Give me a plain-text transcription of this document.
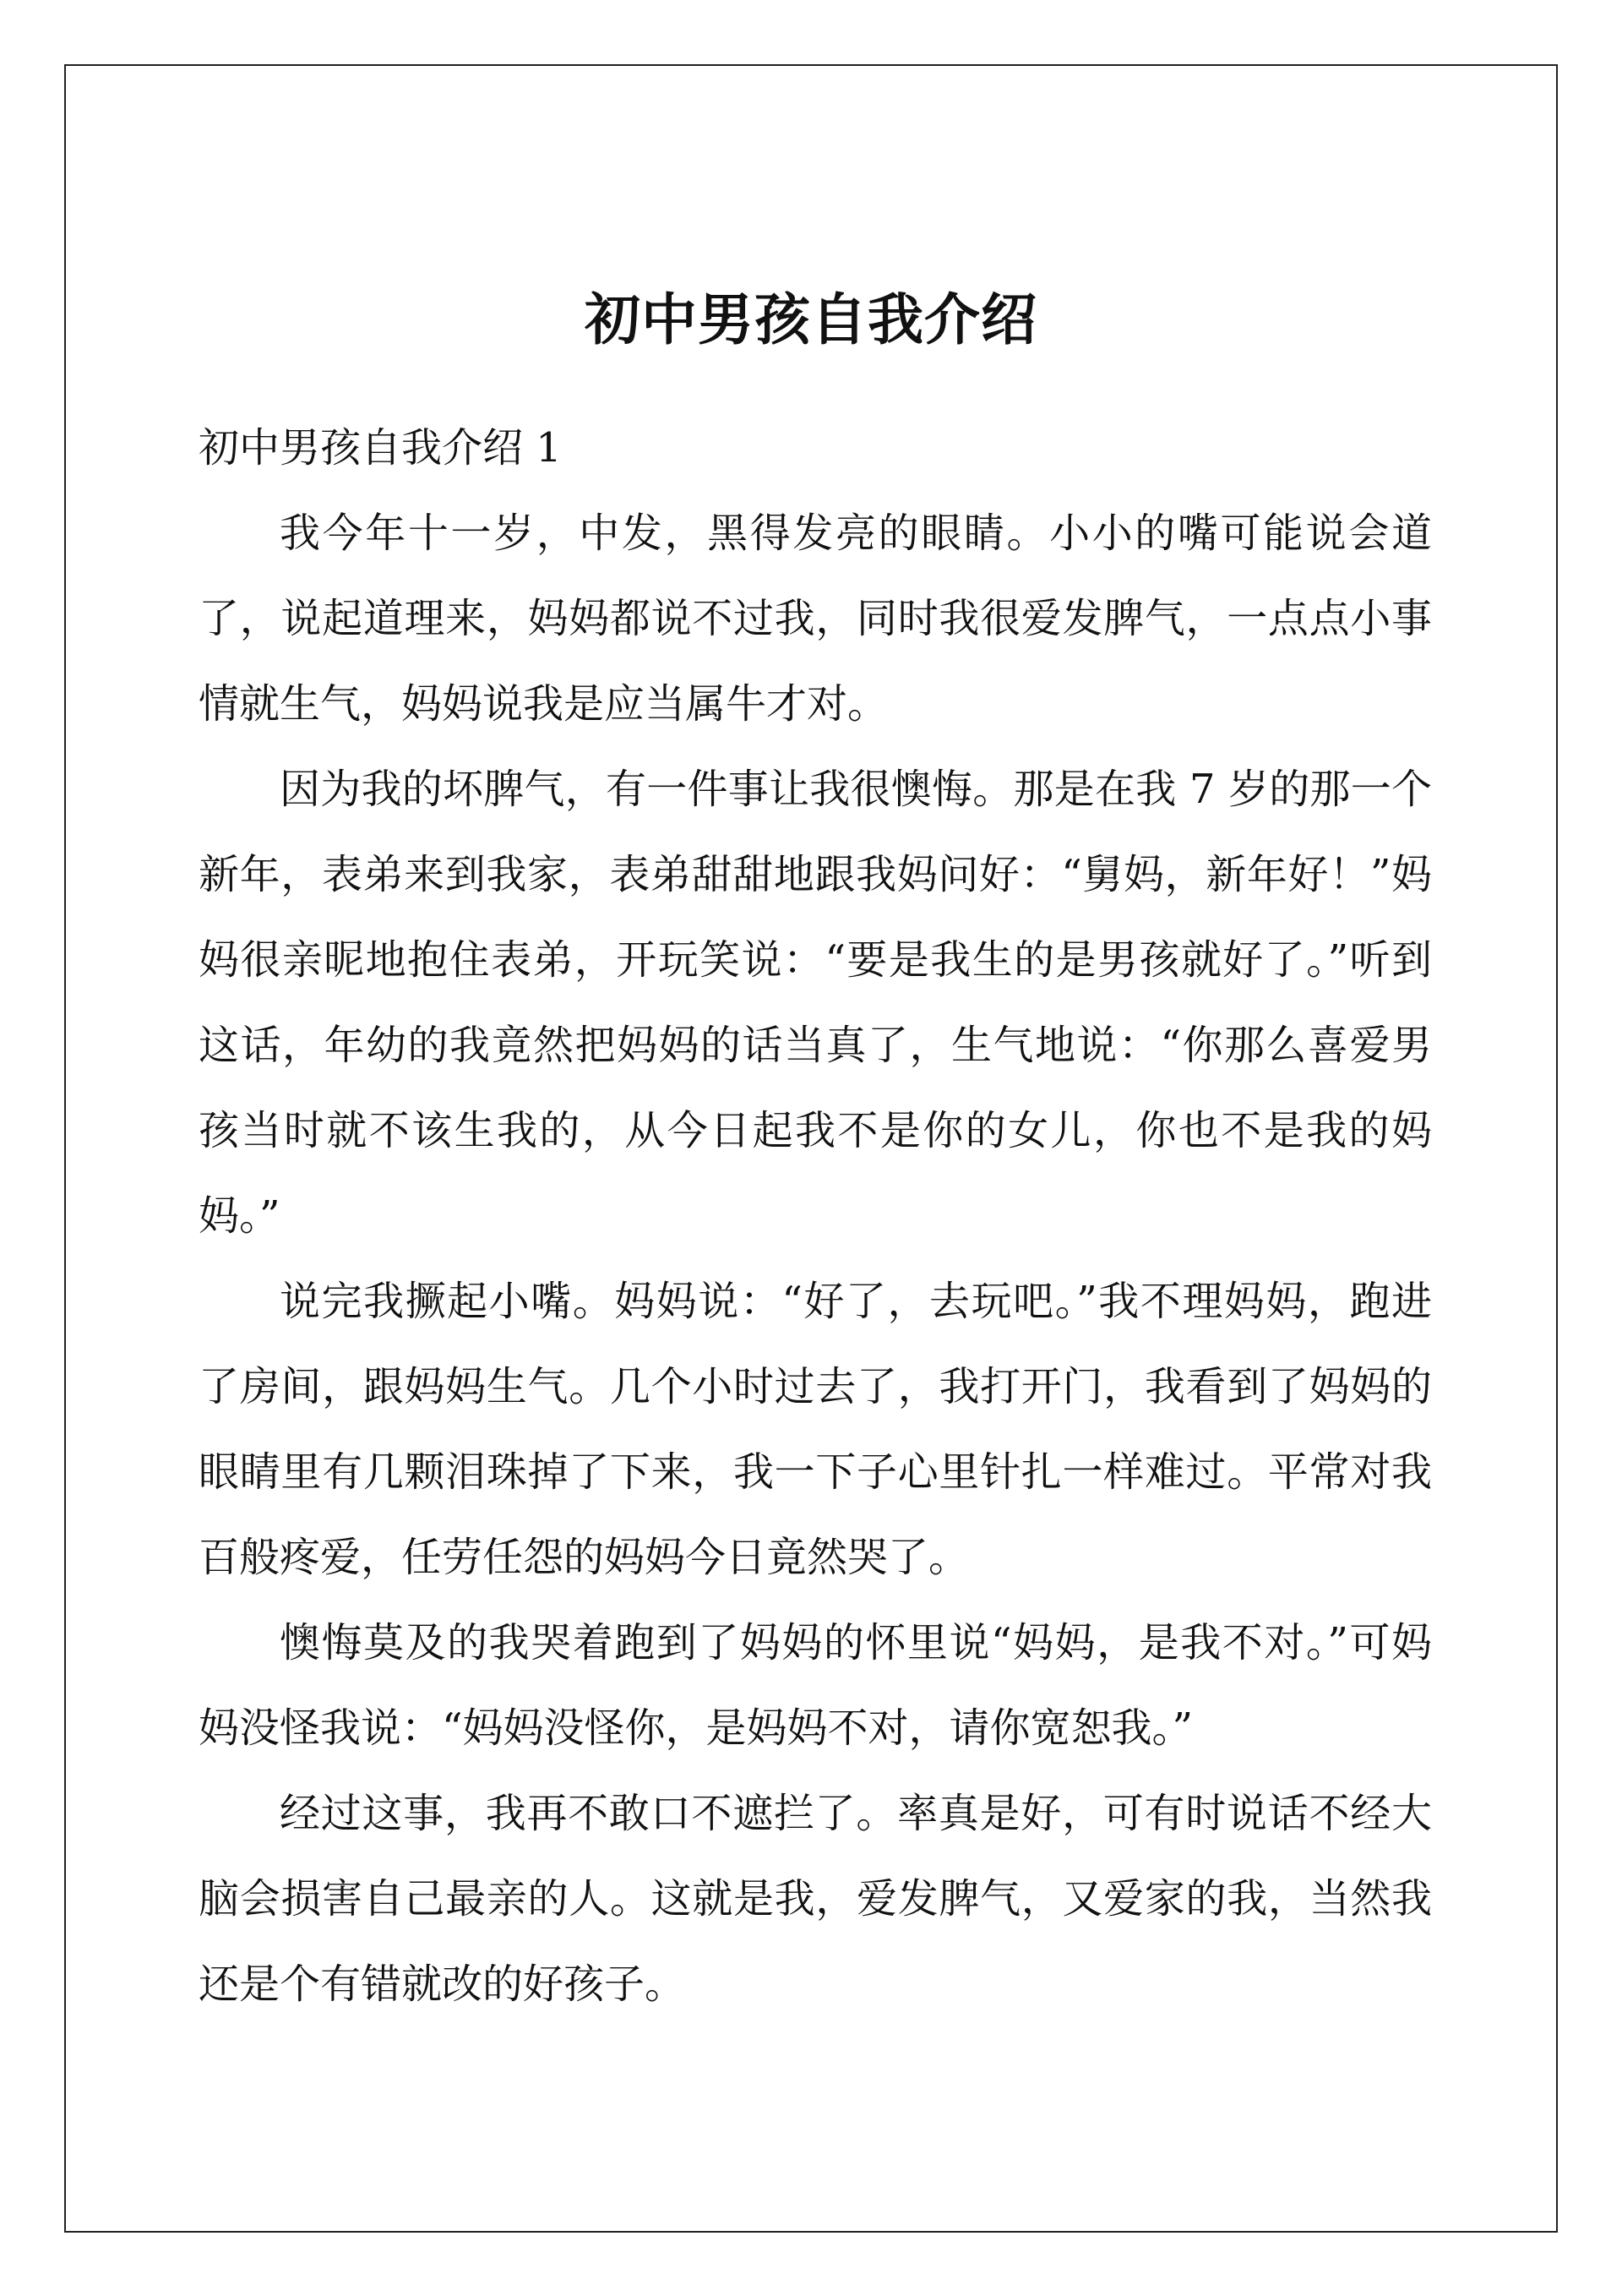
初中男孩自我介绍

初中男孩自我介绍 1

我今年十一岁，中发，黑得发亮的眼睛。小小的嘴可能说会道了，说起道理来，妈妈都说不过我，同时我很爱发脾气，一点点小事情就生气，妈妈说我是应当属牛才对。

因为我的坏脾气，有一件事让我很懊悔。那是在我 7 岁的那一个新年，表弟来到我家，表弟甜甜地跟我妈问好：“舅妈，新年好！”妈妈很亲昵地抱住表弟，开玩笑说：“要是我生的是男孩就好了。”听到这话，年幼的我竟然把妈妈的话当真了，生气地说：“你那么喜爱男孩当时就不该生我的，从今日起我不是你的女儿，你也不是我的妈妈。”

说完我撅起小嘴。妈妈说：“好了，去玩吧。”我不理妈妈，跑进了房间，跟妈妈生气。几个小时过去了，我打开门，我看到了妈妈的眼睛里有几颗泪珠掉了下来，我一下子心里针扎一样难过。平常对我百般疼爱，任劳任怨的妈妈今日竟然哭了。

懊悔莫及的我哭着跑到了妈妈的怀里说“妈妈，是我不对。”可妈妈没怪我说：“妈妈没怪你，是妈妈不对，请你宽恕我。”

经过这事，我再不敢口不遮拦了。率真是好，可有时说话不经大脑会损害自己最亲的人。这就是我，爱发脾气，又爱家的我，当然我还是个有错就改的好孩子。
